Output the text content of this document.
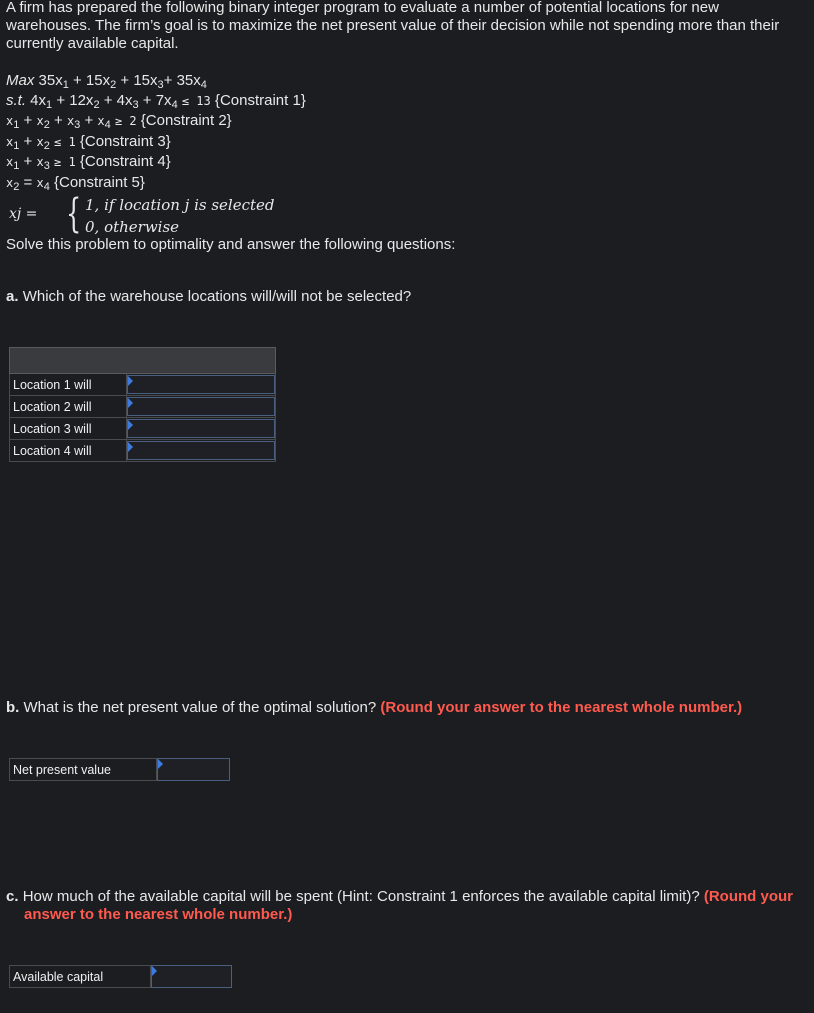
A firm has prepared the following binary integer program to evaluate a number of potential locations for new warehouses. The firm’s goal is to maximize the net present value of their decision while not spending more than their currently available capital.
Max $35x_1 + 15x_2 + 15x_3+ 35x_4$
s.t. $4x_1 + 12x_2 + 4x_3 + 7x_4 \le 13$ {Constraint 1}
$x_1 + x_2 + x_3 + x_4 \ge 2$ {Constraint 2}
$x_1 + x_2 \le 1$ {Constraint 3}
$x_1 + x_3 \ge 1$ {Constraint 4}
$x_2 = x_4$ {Constraint 5}
xj = { 1, if location j is selected
0, otherwise
Solve this problem to optimality and answer the following questions:
a. Which of the warehouse locations will/will not be selected?

Location 1 will	

Location 2 will	

Location 3 will	

Location 4 will	
b. What is the net present value of the optimal solution? (Round your answer to the nearest whole number.)
Net present value
c. How much of the available capital will be spent (Hint: Constraint 1 enforces the available capital limit)? (Round your answer to the nearest whole number.)
Available capital
